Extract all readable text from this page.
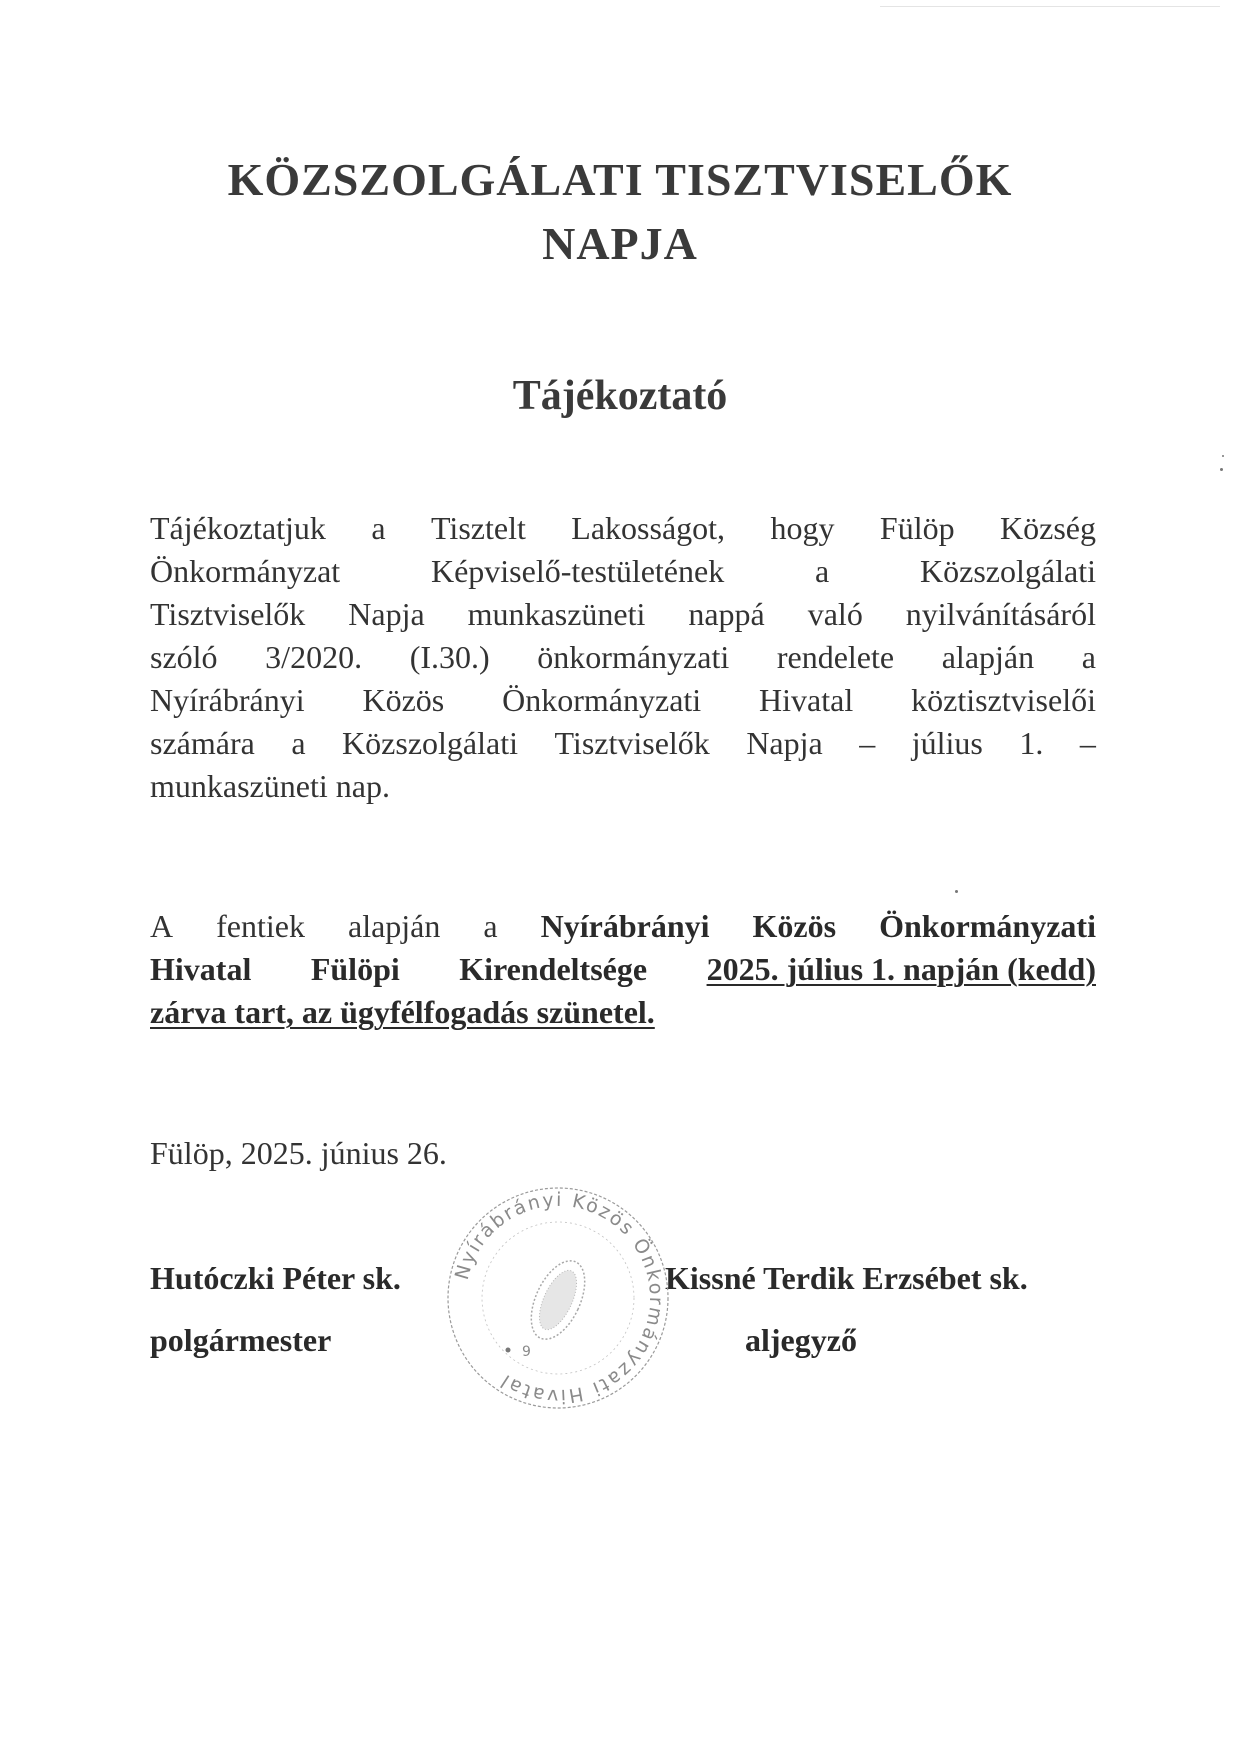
KÖZSZOLGÁLATI TISZTVISELŐK
NAPJA
Tájékoztató
Tájékoztatjuk a Tisztelt Lakosságot, hogy Fülöp Község
Önkormányzat	Képviselő-testületének	a	Közszolgálati
Tisztviselők Napja munkaszüneti nappá való nyilvánításáról
szóló 3/2020. (I.30.) önkormányzati rendelete alapján a
Nyírábrányi Közös Önkormányzati Hivatal köztisztviselői
számára a Közszolgálati Tisztviselők Napja – július 1. –
munkaszüneti nap.
A fentiek alapján a Nyírábrányi Közös Önkormányzati
Hivatal Fülöpi Kirendeltsége 2025. július 1. napján (kedd)
zárva tart, az ügyfélfogadás szünetel.
Fülöp, 2025. június 26.
Hutóczki Péter sk.
polgármester
Kissné Terdik Erzsébet sk.
aljegyző
Nyírábrányi Közös Önkormányzati Hivatal
9
